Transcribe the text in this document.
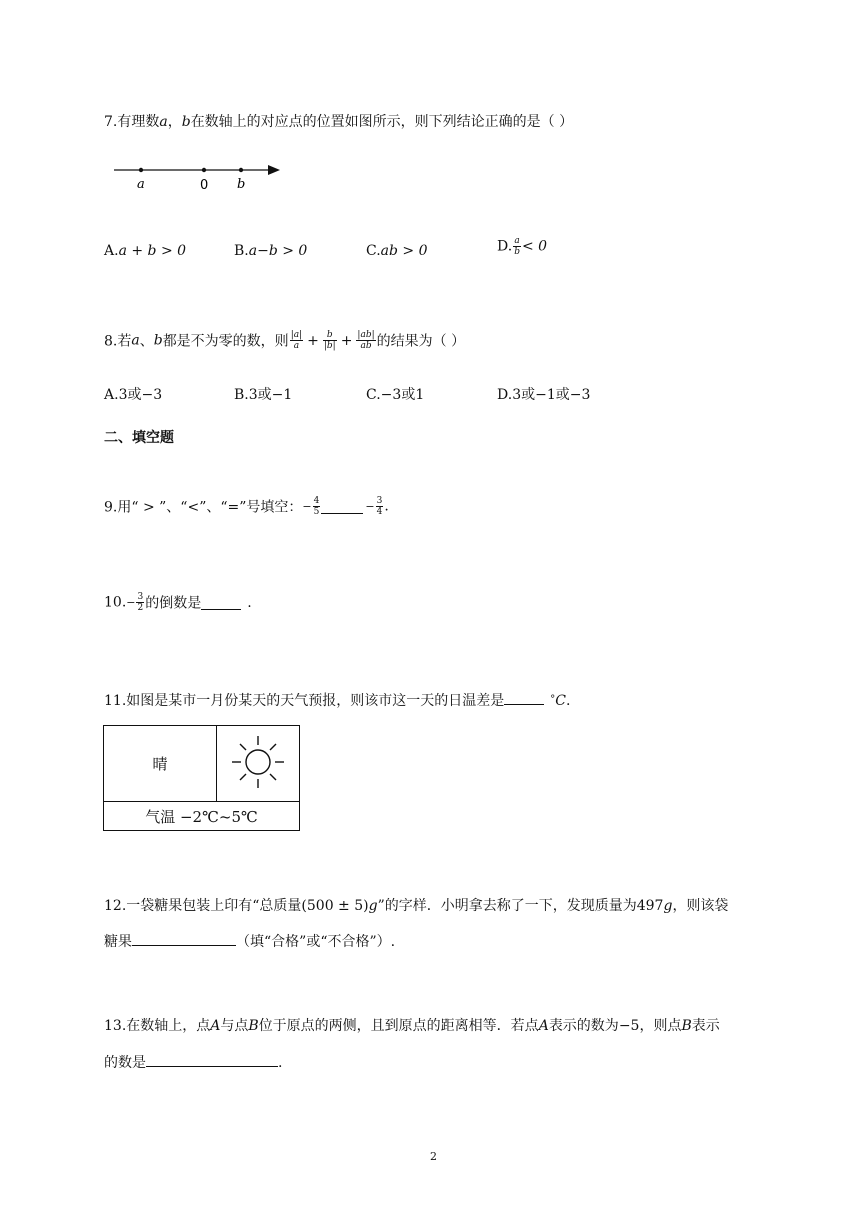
7.有理数a，b在数轴上的对应点的位置如图所示，则下列结论正确的是（ ）
a	0 b
A.a + b > 0	B.a−b > 0	C.ab > 0	D. $\frac{a}{b} < 0$
8.若a、b都是不为零的数，则 $\frac{|a|}{a} + \frac{b}{|b|} + \frac{|ab|}{ab}$ 的结果为（ ）
A.3或−3	B.3或−1	C.−3或1	D.3或−1或−3
二、填空题
9.用“ > ”、“<”、“=”号填空：− $\frac{4}{5}$	− $\frac{3}{4}$ .
$10.- \frac{3}{2}$ 的倒数是	.
11.如图是某市一月份某天的天气预报，则该市这一天的日温差是	°C.
晴	
气温 −2℃~5℃
12.一袋糖果包装上印有“总质量(500 ± 5)g”的字样．小明拿去称了一下，发现质量为497g，则该袋
糖果	（填“合格”或“不合格”）.
13.在数轴上，点A与点B位于原点的两侧，且到原点的距离相等．若点A表示的数为−5，则点B表示
的数是	.
2
